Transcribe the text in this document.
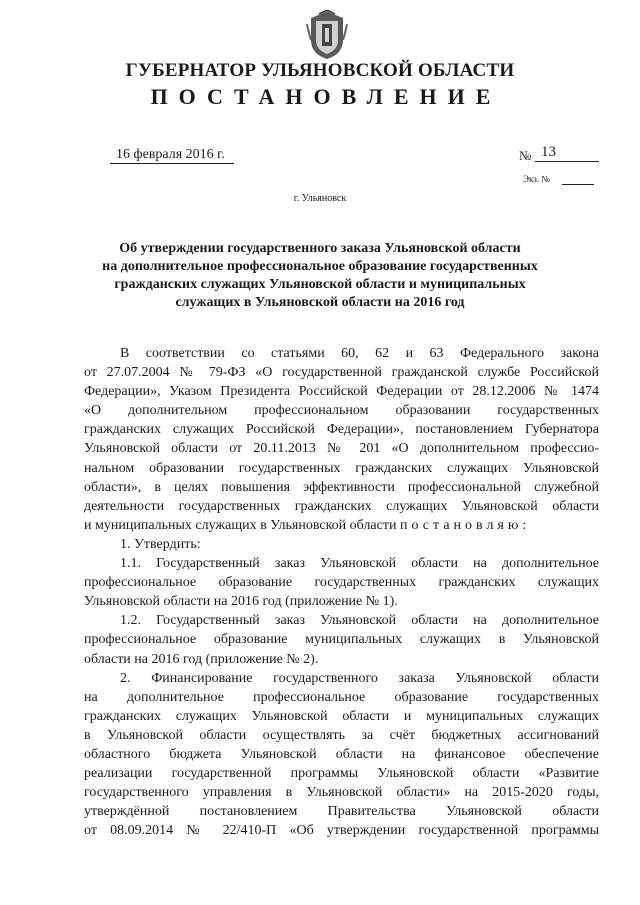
ГУБЕРНАТОР УЛЬЯНОВСКОЙ ОБЛАСТИ
ПОСТАНОВЛЕНИЕ
16 февраля 2016 г.	№ 13
Экз. №
г. Ульяновск
Об утверждении государственного заказа Ульяновской области
на дополнительное профессиональное образование государственных
гражданских служащих Ульяновской области и муниципальных
служащих в Ульяновской области на 2016 год
В соответствии со статьями 60, 62 и 63 Федерального закона
от 27.07.2004 № 79-ФЗ «О государственной гражданской службе Российской
Федерации», Указом Президента Российской Федерации от 28.12.2006 № 1474
«О дополнительном профессиональном образовании государственных
гражданских служащих Российской Федерации», постановлением Губернатора
Ульяновской области от 20.11.2013 № 201 «О дополнительном профессио-
нальном образовании государственных гражданских служащих Ульяновской
области», в целях повышения эффективности профессиональной служебной
деятельности государственных гражданских служащих Ульяновской области
и муниципальных служащих в Ульяновской области постановляю:
1. Утвердить:
1.1. Государственный заказ Ульяновской области на дополнительное
профессиональное образование государственных гражданских служащих
Ульяновской области на 2016 год (приложение № 1).
1.2. Государственный заказ Ульяновской области на дополнительное
профессиональное образование муниципальных служащих в Ульяновской
области на 2016 год (приложение № 2).
2. Финансирование государственного заказа Ульяновской области
на дополнительное профессиональное образование государственных
гражданских служащих Ульяновской области и муниципальных служащих
в Ульяновской области осуществлять за счёт бюджетных ассигнований
областного бюджета Ульяновской области на финансовое обеспечение
реализации государственной программы Ульяновской области «Развитие
государственного управления в Ульяновской области» на 2015-2020 годы,
утверждённой постановлением Правительства Ульяновской области
от 08.09.2014 № 22/410-П «Об утверждении государственной программы
